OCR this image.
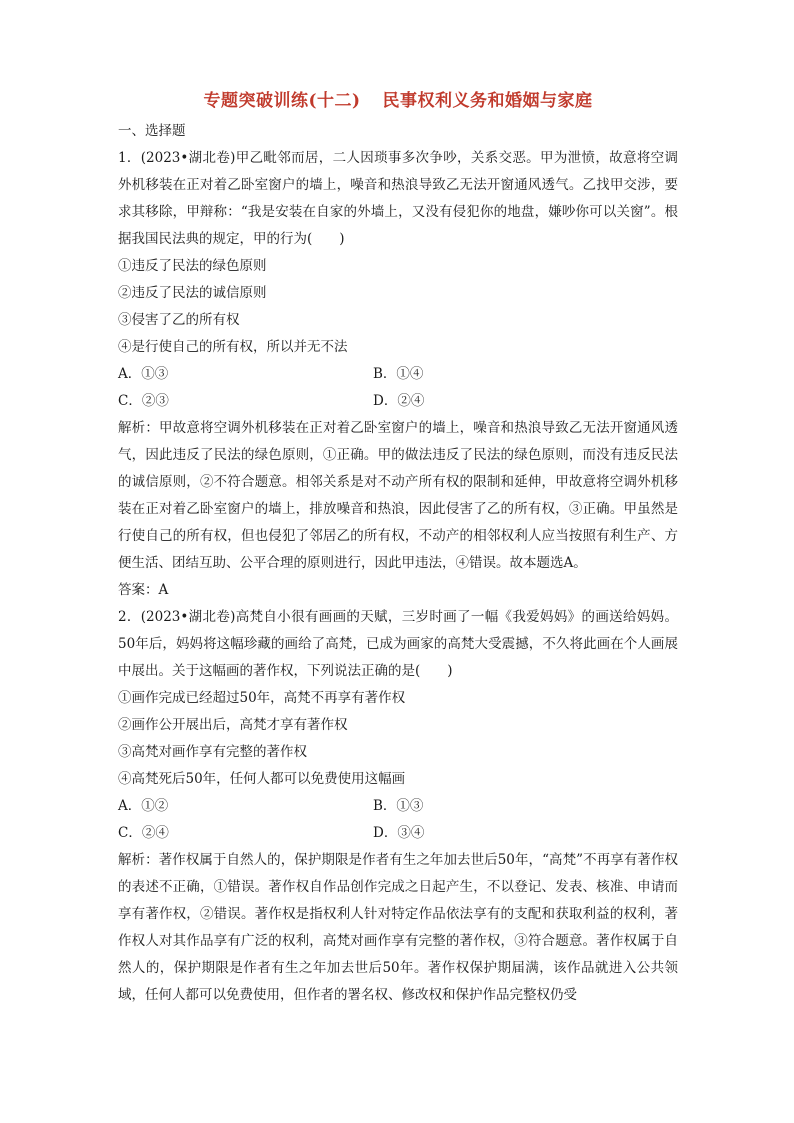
专题突破训练(十二) 民事权利义务和婚姻与家庭

一、选择题

1．(2023•湖北卷)甲乙毗邻而居，二人因琐事多次争吵，关系交恶。甲为泄愤，故意将空调外机移装在正对着乙卧室窗户的墙上，噪音和热浪导致乙无法开窗通风透气。乙找甲交涉，要求其移除，甲辩称：“我是安装在自家的外墙上，又没有侵犯你的地盘，嫌吵你可以关窗”。根据我国民法典的规定，甲的行为(　　)

①违反了民法的绿色原则

②违反了民法的诚信原则

③侵害了乙的所有权

④是行使自己的所有权，所以并无不法

A．①③	B．①④
C．②③	D．②④

解析：甲故意将空调外机移装在正对着乙卧室窗户的墙上，噪音和热浪导致乙无法开窗通风透气，因此违反了民法的绿色原则，①正确。甲的做法违反了民法的绿色原则，而没有违反民法的诚信原则，②不符合题意。相邻关系是对不动产所有权的限制和延伸，甲故意将空调外机移装在正对着乙卧室窗户的墙上，排放噪音和热浪，因此侵害了乙的所有权，③正确。甲虽然是行使自己的所有权，但也侵犯了邻居乙的所有权，不动产的相邻权利人应当按照有利生产、方便生活、团结互助、公平合理的原则进行，因此甲违法，④错误。故本题选A。

答案：A

2．(2023•湖北卷)高梵自小很有画画的天赋，三岁时画了一幅《我爱妈妈》的画送给妈妈。50年后，妈妈将这幅珍藏的画给了高梵，已成为画家的高梵大受震撼，不久将此画在个人画展中展出。关于这幅画的著作权，下列说法正确的是(　　)

①画作完成已经超过50年，高梵不再享有著作权

②画作公开展出后，高梵才享有著作权

③高梵对画作享有完整的著作权

④高梵死后50年，任何人都可以免费使用这幅画

A．①②	B．①③
C．②④	D．③④

解析：著作权属于自然人的，保护期限是作者有生之年加去世后50年，“高梵”不再享有著作权的表述不正确，①错误。著作权自作品创作完成之日起产生，不以登记、发表、核准、申请而享有著作权，②错误。著作权是指权利人针对特定作品依法享有的支配和获取利益的权利，著作权人对其作品享有广泛的权利，高梵对画作享有完整的著作权，③符合题意。著作权属于自然人的，保护期限是作者有生之年加去世后50年。著作权保护期届满，该作品就进入公共领域，任何人都可以免费使用，但作者的署名权、修改权和保护作品完整权仍受
